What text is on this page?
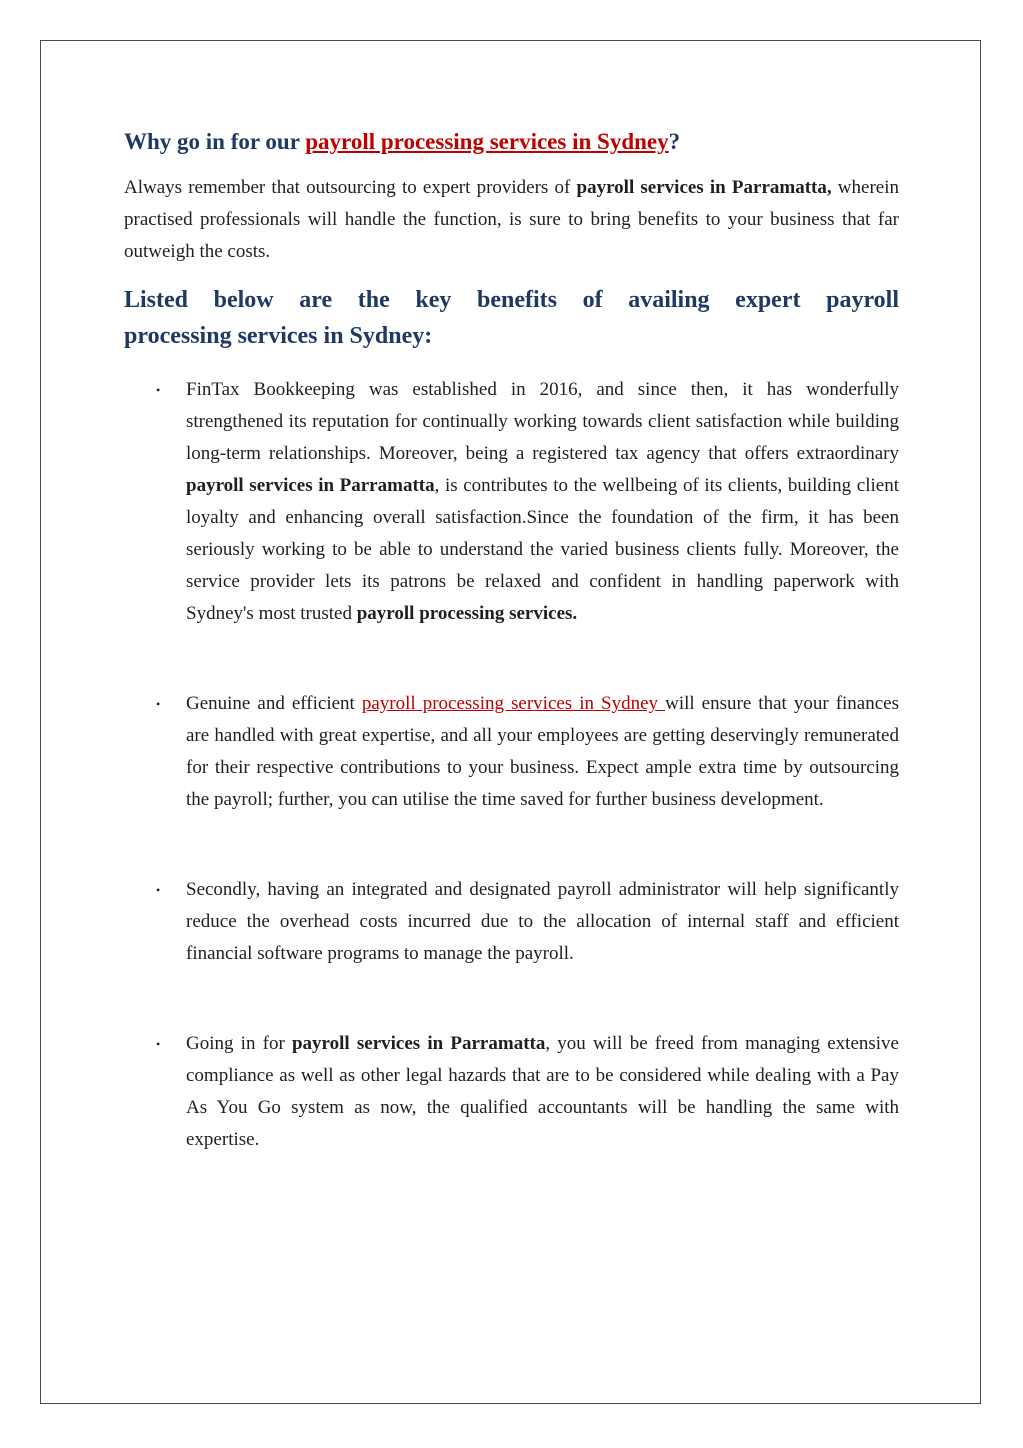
Why go in for our payroll processing services in Sydney?

Always remember that outsourcing to expert providers of payroll services in Parramatta, wherein practised professionals will handle the function, is sure to bring benefits to your business that far outweigh the costs.

Listed below are the key benefits of availing expert payroll
processing services in Sydney:
• FinTax Bookkeeping was established in 2016, and since then, it has wonderfully strengthened its reputation for continually working towards client satisfaction while building long-term relationships. Moreover, being a registered tax agency that offers extraordinary payroll services in Parramatta, is contributes to the wellbeing of its clients, building client loyalty and enhancing overall satisfaction.Since the foundation of the firm, it has been seriously working to be able to understand the varied business clients fully. Moreover, the service provider lets its patrons be relaxed and confident in handling paperwork with Sydney's most trusted payroll processing services.
• Genuine and efficient payroll processing services in Sydney will ensure that your finances are handled with great expertise, and all your employees are getting deservingly remunerated for their respective contributions to your business. Expect ample extra time by outsourcing the payroll; further, you can utilise the time saved for further business development.
• Secondly, having an integrated and designated payroll administrator will help significantly reduce the overhead costs incurred due to the allocation of internal staff and efficient financial software programs to manage the payroll.
• Going in for payroll services in Parramatta, you will be freed from managing extensive compliance as well as other legal hazards that are to be considered while dealing with a Pay As You Go system as now, the qualified accountants will be handling the same with expertise.
